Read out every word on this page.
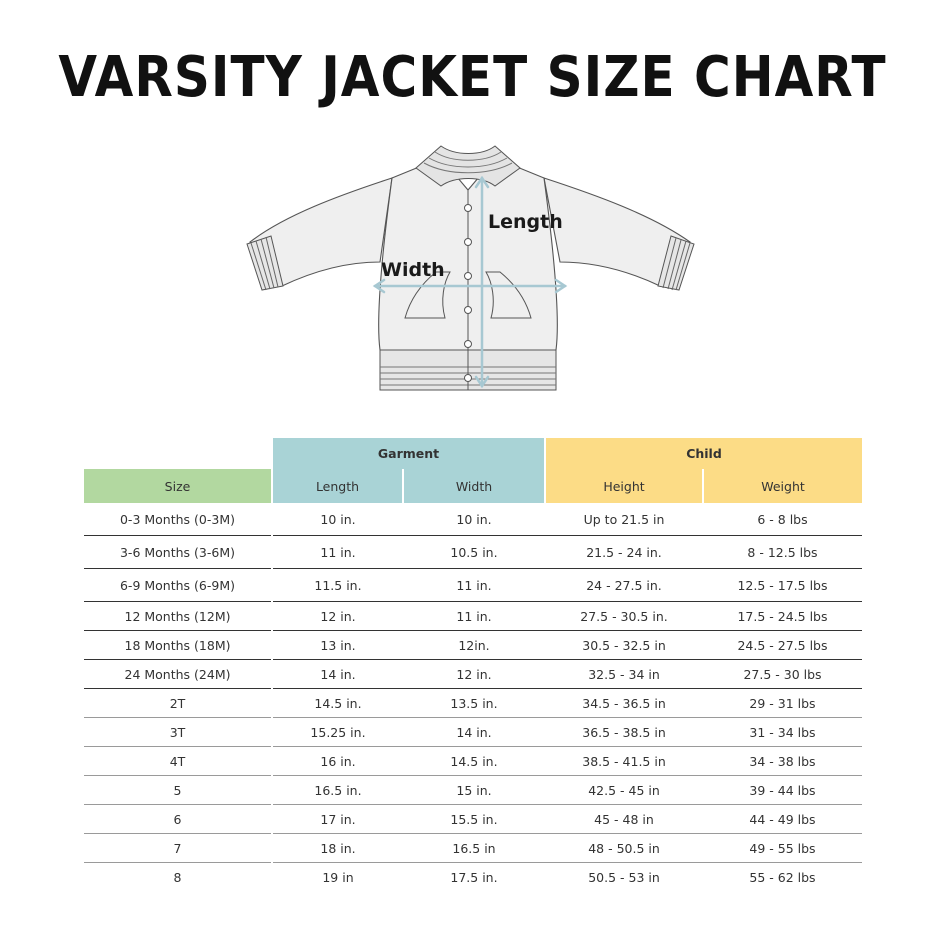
VARSITY JACKET SIZE CHART
Length
Width
		Garment		Child	
Size		Length	Width	Height	Weight
0-3 Months (0-3M)		10 in.	10 in.	Up to 21.5 in	6 - 8 lbs
3-6 Months (3-6M)		11 in.	10.5 in.	21.5 - 24 in.	8 - 12.5 lbs
6-9 Months (6-9M)		11.5 in.	11 in.	24 - 27.5 in.	12.5 - 17.5 lbs
12 Months (12M)		12 in.	11 in.	27.5 - 30.5 in.	17.5 - 24.5 lbs
18 Months (18M)		13 in.	12in.	30.5 - 32.5 in	24.5 - 27.5 lbs
24 Months (24M)		14 in.	12 in.	32.5 - 34 in	27.5 - 30 lbs
2T		14.5 in.	13.5 in.	34.5 - 36.5 in	29 - 31 lbs
3T		15.25 in.	14 in.	36.5 - 38.5 in	31 - 34 lbs
4T		16 in.	14.5 in.	38.5 - 41.5 in	34 - 38 lbs
5		16.5 in.	15 in.	42.5 - 45 in	39 - 44 lbs
6		17 in.	15.5 in.	45 - 48 in	44 - 49 lbs
7		18 in.	16.5 in	48 - 50.5 in	49 - 55 lbs
8		19 in	17.5 in.	50.5 - 53 in	55 - 62 lbs
